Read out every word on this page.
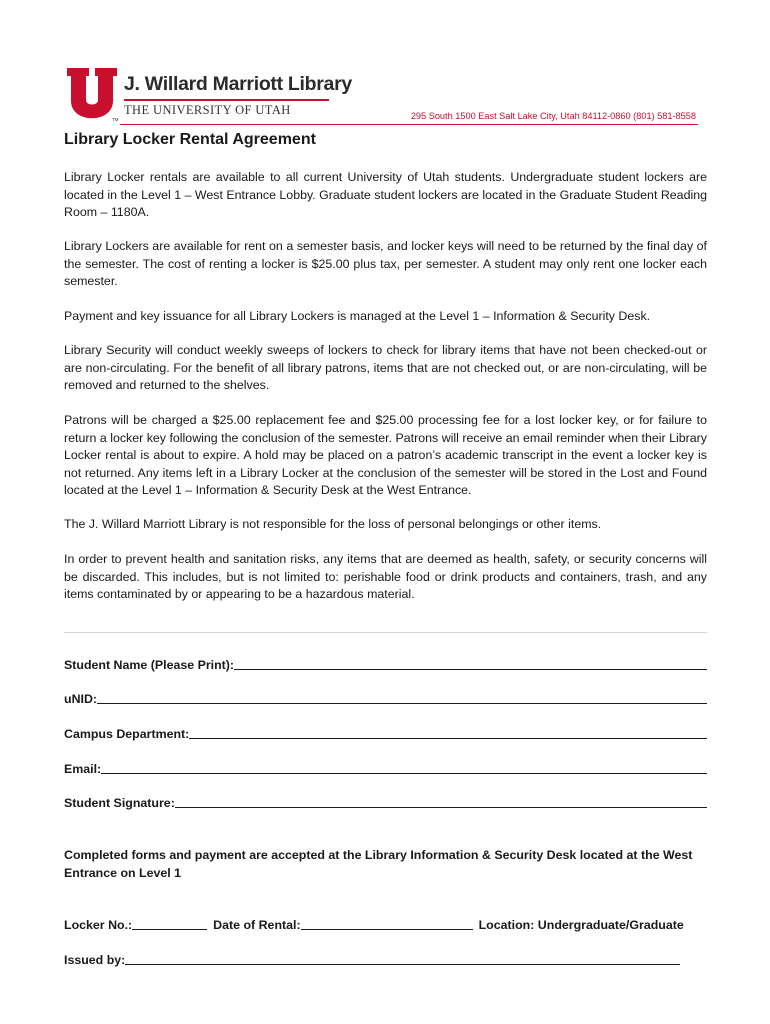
TM
J. Willard Marriott Library
THE UNIVERSITY OF UTAH	295 South 1500 East Salt Lake City, Utah 84112-0860 (801) 581-8558
Library Locker Rental Agreement

Library Locker rentals are available to all current University of Utah students. Undergraduate student lockers are located in the Level 1 – West Entrance Lobby. Graduate student lockers are located in the Graduate Student Reading Room – 1180A.

Library Lockers are available for rent on a semester basis, and locker keys will need to be returned by the final day of the semester. The cost of renting a locker is $25.00 plus tax, per semester. A student may only rent one locker each semester.

Payment and key issuance for all Library Lockers is managed at the Level 1 – Information & Security Desk.

Library Security will conduct weekly sweeps of lockers to check for library items that have not been checked-out or are non-circulating. For the benefit of all library patrons, items that are not checked out, or are non-circulating, will be removed and returned to the shelves.

Patrons will be charged a $25.00 replacement fee and $25.00 processing fee for a lost locker key, or for failure to return a locker key following the conclusion of the semester. Patrons will receive an email reminder when their Library Locker rental is about to expire. A hold may be placed on a patron’s academic transcript in the event a locker key is not returned. Any items left in a Library Locker at the conclusion of the semester will be stored in the Lost and Found located at the Level 1 – Information & Security Desk at the West Entrance.

The J. Willard Marriott Library is not responsible for the loss of personal belongings or other items.

In order to prevent health and sanitation risks, any items that are deemed as health, safety, or security concerns will be discarded. This includes, but is not limited to: perishable food or drink products and containers, trash, and any items contaminated by or appearing to be a hazardous material.

Student Name (Please Print):
uNID:
Campus Department:
Email:
Student Signature:

Completed forms and payment are accepted at the Library Information & Security Desk located at the West Entrance on Level 1

Locker No.:	Date of Rental:	Location: Undergraduate/Graduate
Issued by:
